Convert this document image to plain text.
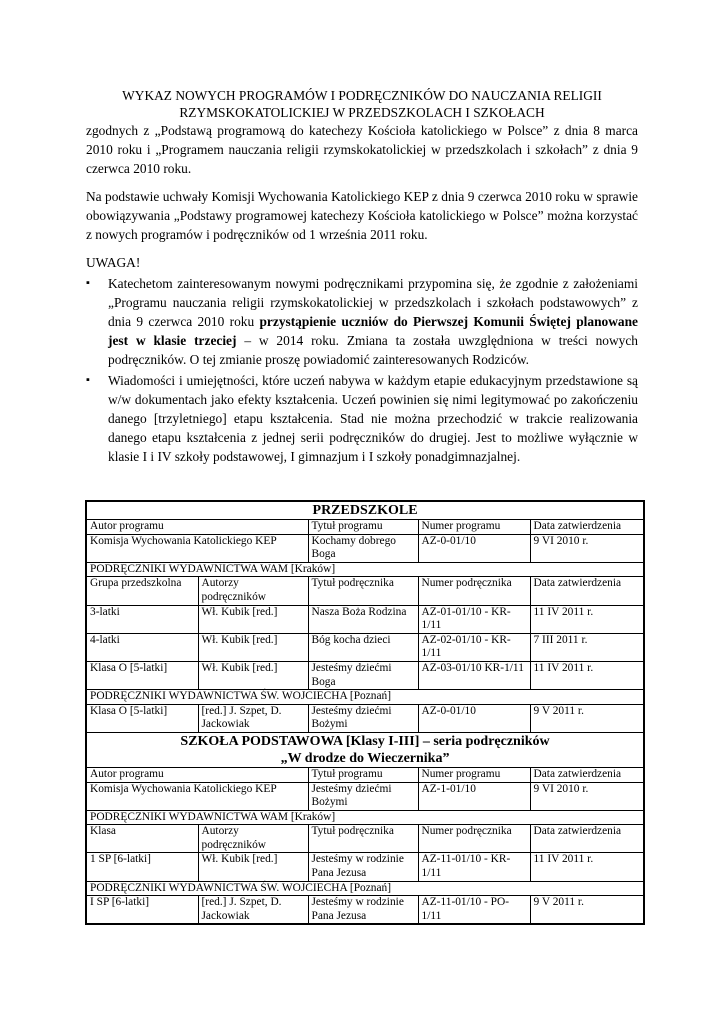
WYKAZ NOWYCH PROGRAMÓW I PODRĘCZNIKÓW DO NAUCZANIA RELIGII
RZYMSKOKATOLICKIEJ W PRZEDSZKOLACH I SZKOŁACH
zgodnych z „Podstawą programową do katechezy Kościoła katolickiego w Polsce” z dnia 8 marca 2010 roku i „Programem nauczania religii rzymskokatolickiej w przedszkolach i szkołach” z dnia 9 czerwca 2010 roku.
Na podstawie uchwały Komisji Wychowania Katolickiego KEP z dnia 9 czerwca 2010 roku w sprawie obowiązywania „Podstawy programowej katechezy Kościoła katolickiego w Polsce” można korzystać z nowych programów i podręczników od 1 września 2011 roku.
UWAGA!
▪	Katechetom zainteresowanym nowymi podręcznikami przypomina się, że zgodnie z założeniami „Programu nauczania religii rzymskokatolickiej w przedszkolach i szkołach podstawowych” z dnia 9 czerwca 2010 roku przystąpienie uczniów do Pierwszej Komunii Świętej planowane jest w klasie trzeciej – w 2014 roku. Zmiana ta została uwzględniona w treści nowych podręczników. O tej zmianie proszę powiadomić zainteresowanych Rodziców.
▪	Wiadomości i umiejętności, które uczeń nabywa w każdym etapie edukacyjnym przedstawione są w/w dokumentach jako efekty kształcenia. Uczeń powinien się nimi legitymować po zakończeniu danego [trzyletniego] etapu kształcenia. Stad nie można przechodzić w trakcie realizowania danego etapu kształcenia z jednej serii podręczników do drugiej. Jest to możliwe wyłącznie w klasie I i IV szkoły podstawowej, I gimnazjum i I szkoły ponadgimnazjalnej.
PRZEDSZKOLE				
Autor programu		Tytuł programu	Numer programu	Data zatwierdzenia
Komisja Wychowania Katolickiego KEP		Kochamy dobrego Boga	AZ-0-01/10	9 VI 2010 r.
PODRĘCZNIKI WYDAWNICTWA WAM [Kraków]				
Grupa przedszkolna	Autorzy podręczników	Tytuł podręcznika	Numer podręcznika	Data zatwierdzenia
3-latki	Wł. Kubik [red.]	Nasza Boża Rodzina	AZ-01-01/10 - KR-1/11	11 IV 2011 r.
4-latki	Wł. Kubik [red.]	Bóg kocha dzieci	AZ-02-01/10 - KR-1/11	7 III 2011 r.
Klasa O [5-latki]	Wł. Kubik [red.]	Jesteśmy dziećmi Boga	AZ-03-01/10 KR-1/11	11 IV 2011 r.
PODRĘCZNIKI WYDAWNICTWA ŚW. WOJCIECHA [Poznań]				
Klasa O [5-latki]	[red.] J. Szpet, D. Jackowiak	Jesteśmy dziećmi Bożymi	AZ-0-01/10	9 V 2011 r.

SZKOŁA PODSTAWOWA [Klasy I-III] – seria podręczników
„W drodze do Wieczernika”				

Autor programu		Tytuł programu	Numer programu	Data zatwierdzenia
Komisja Wychowania Katolickiego KEP		Jesteśmy dziećmi Bożymi	AZ-1-01/10	9 VI 2010 r.
PODRĘCZNIKI WYDAWNICTWA WAM [Kraków]				
Klasa	Autorzy podręczników	Tytuł podręcznika	Numer podręcznika	Data zatwierdzenia
1 SP [6-latki]	Wł. Kubik [red.]	Jesteśmy w rodzinie Pana Jezusa	AZ-11-01/10 - KR-1/11	11 IV 2011 r.
PODRĘCZNIKI WYDAWNICTWA ŚW. WOJCIECHA [Poznań]				
I SP [6-latki]	[red.] J. Szpet, D. Jackowiak	Jesteśmy w rodzinie Pana Jezusa	AZ-11-01/10 - PO-1/11	9 V 2011 r.
